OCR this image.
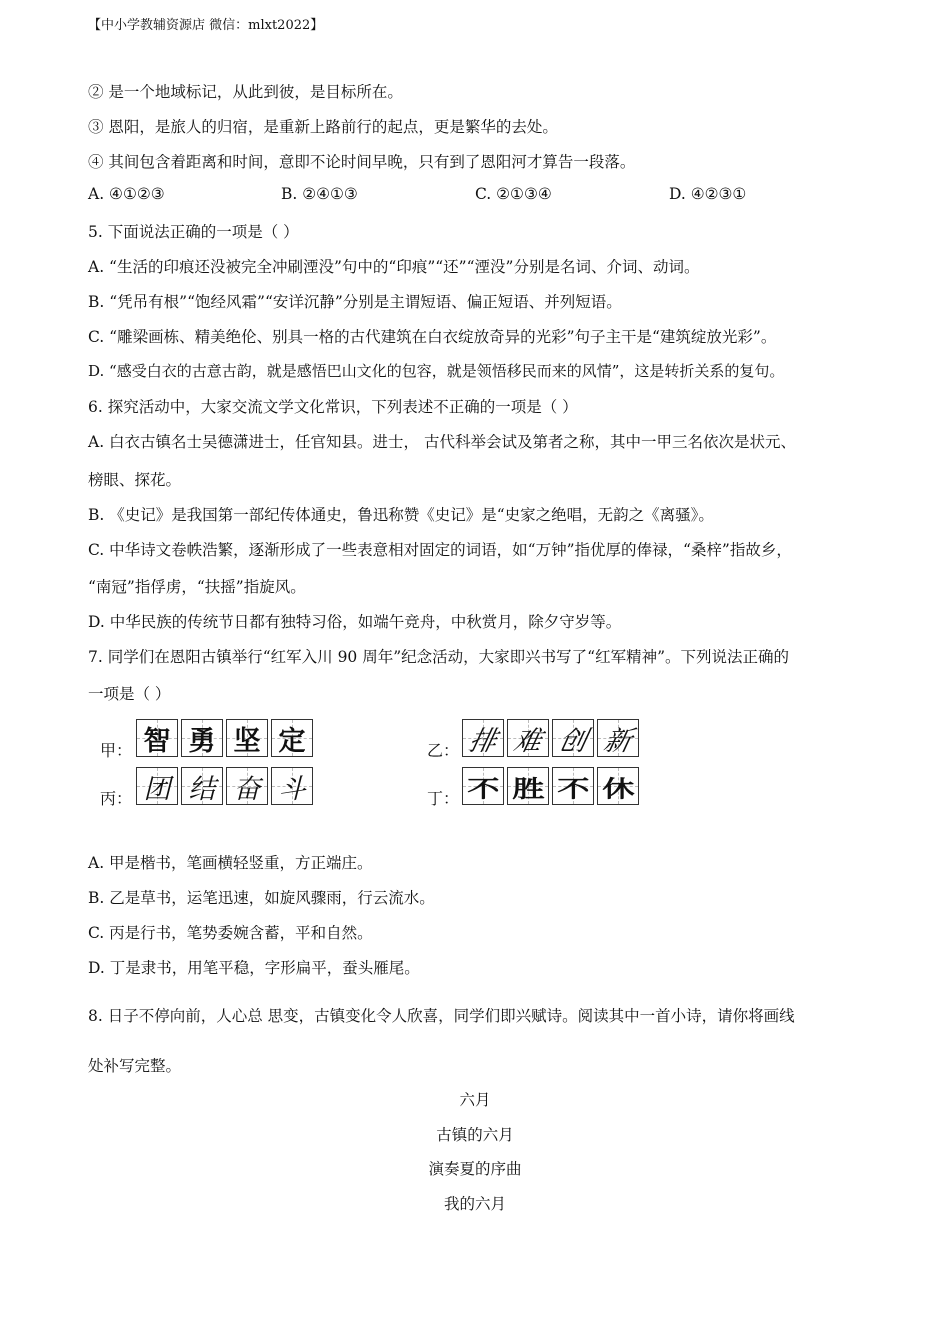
【中小学教辅资源店 微信：mlxt2022】
② 是一个地域标记，从此到彼，是目标所在。
③ 恩阳，是旅人的归宿，是重新上路前行的起点，更是繁华的去处。
④ 其间包含着距离和时间，意即不论时间早晚，只有到了恩阳河才算告一段落。
A. ④①②③	B. ②④①③	C. ②①③④	D. ④②③①
5. 下面说法正确的一项是（ ）
A. “生活的印痕还没被完全冲刷湮没”句中的“印痕”“还”“湮没”分别是名词、介词、动词。
B. “凭吊有根”“饱经风霜”“安详沉静”分别是主谓短语、偏正短语、并列短语。
C. “雕梁画栋、精美绝伦、别具一格的古代建筑在白衣绽放奇异的光彩”句子主干是“建筑绽放光彩”。
D. “感受白衣的古意古韵，就是感悟巴山文化的包容，就是领悟移民而来的风情”，这是转折关系的复句。
6. 探究活动中，大家交流文学文化常识，下列表述不正确的一项是（ ）
A. 白衣古镇名士吴德潇进士，任官知县。进士， 古代科举会试及第者之称，其中一甲三名依次是状元、
榜眼、探花。
B. 《史记》是我国第一部纪传体通史，鲁迅称赞《史记》是“史家之绝唱，无韵之《离骚》。
C. 中华诗文卷帙浩繁，逐渐形成了一些表意相对固定的词语，如“万钟”指优厚的俸禄，“桑梓”指故乡，
“南冠”指俘虏，“扶摇”指旋风。
D. 中华民族的传统节日都有独特习俗，如端午竞舟，中秋赏月，除夕守岁等。
7. 同学们在恩阳古镇举行“红军入川 90 周年”纪念活动，大家即兴书写了“红军精神”。下列说法正确的
一项是（ ）
甲： 智 勇 坚 定	乙： 排 难 创 新
丙： 团 结 奋 斗	丁： 不 胜 不 休
A. 甲是楷书，笔画横轻竖重，方正端庄。
B. 乙是草书，运笔迅速，如旋风骤雨，行云流水。
C. 丙是行书，笔势委婉含蓄，平和自然。
D. 丁是隶书，用笔平稳，字形扁平，蚕头雁尾。
8. 日子不停向前，人心总 思变，古镇变化令人欣喜，同学们即兴赋诗。阅读其中一首小诗，请你将画线
处补写完整。
六月
古镇的六月
演奏夏的序曲
我的六月
